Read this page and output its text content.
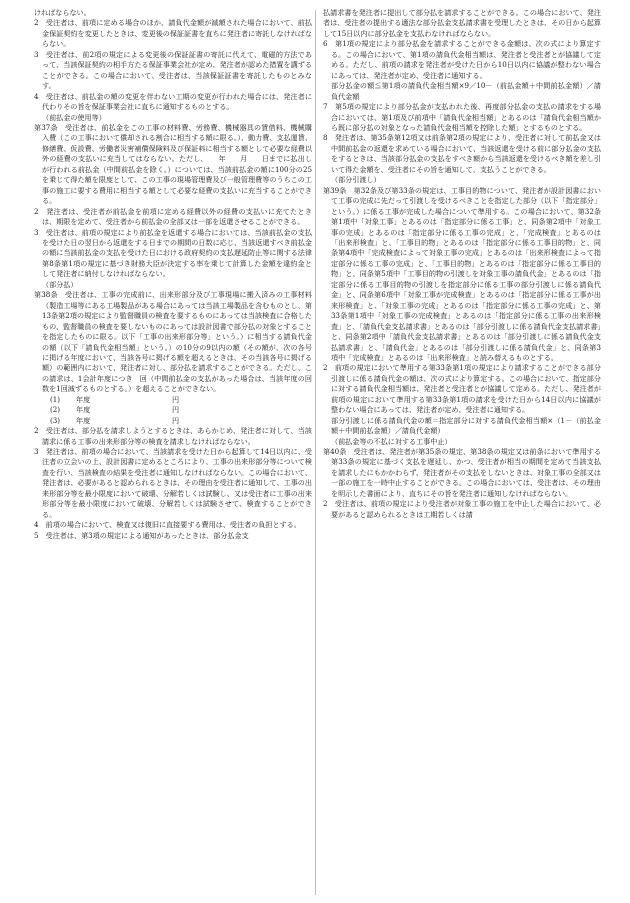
ければならない。

2　受注者は、前項に定める場合のほか、請負代金額が減額された場合において、前払金保証契約を変更したときは、変更後の保証証書を直ちに発注者に寄託しなければならない。

3　受注者は、前2項の規定による変更後の保証証書の寄託に代えて、電磁的方法であって、当該保証契約の相手方たる保証事業会社が定め、発注者が認めた措置を講ずることができる。この場合において、受注者は、当該保証証書を寄託したものとみなす。

4　受注者は、前払金の額の変更を伴わない工期の変更が行われた場合には、発注者に代わりその旨を保証事業会社に直ちに通知するものとする。

（前払金の使用等）

第37条　受注者は、前払金をこの工事の材料費、労務費、機械器具の賃借料、機械購入費（この工事において償却される割合に相当する額に限る。）、動力費、支払運賃、修繕費、仮設費、労働者災害補償保険料及び保証料に相当する額として必要な経費以外の経費の支払いに充当してはならない。ただし、　　年　　月　　日までに払出しが行われる前払金（中間前払金を除く。）については、当該前払金の額に100分の25を乗じて得た額を限度として、この工事の現場管理費及び一般管理費等のうちこの工事の施工に要する費用に相当する額として必要な経費の支払いに充当することができる。

2　発注者は、受注者が前払金を前項に定める経費以外の経費の支払いに充てたときは、期限を定めて、受注者から前払金の全部又は一部を返還させることができる。

3　受注者は、前項の規定により前払金を返還する場合においては、当該前払金の支払を受けた日の翌日から返還をする日までの期間の日数に応じ、当該返還すべき前払金の額に当該前払金の支払を受けた日における政府契約の支払遅延防止等に関する法律第8条第1項の規定に基づき財務大臣が決定する率を乗じて計算した金額を違約金として発注者に納付しなければならない。

（部分払）

第38条　受注者は、工事の完成前に、出来形部分及び工事現場に搬入済みの工事材料（製造工場等にある工場製品がある場合にあっては当該工場製品を含むものとし、第13条第2項の規定により監督職員の検査を要するものにあっては当該検査に合格したもの、監督職員の検査を要しないものにあっては設計図書で部分払の対象とすることを指定したものに限る。以下「工事の出来形部分等」という。）に相当する請負代金の額（以下「請負代金相当額」という。）の10分の9以内の額（その額が、次の各号に掲げる年度において、当該各号に掲げる額を超えるときは、その当該各号に掲げる額）の範囲内において、発注者に対し、部分払を請求することができる。ただし、この請求は、1会計年度につき　回（中間前払金の支払があった場合は、当該年度の回数を1回減ずるものとする。）を超えることができない。

(1)	年度	円
(2)	年度	円
(3)	年度	円

2　受注者は、部分払を請求しようとするときは、あらかじめ、発注者に対して、当該請求に係る工事の出来形部分等の検査を請求しなければならない。

3　発注者は、前項の場合において、当該請求を受けた日から起算して14日以内に、受注者の立会いの上、設計図書に定めるところにより、工事の出来形部分等について検査を行い、当該検査の結果を受注者に通知しなければならない。この場合において、発注者は、必要があると認められるときは、その理由を受注者に通知して、工事の出来形部分等を最小限度において破壊、分解若しくは試験し、又は受注者に工事の出来形部分等を最小限度において破壊、分解若しくは試験させて、検査することができる。

4　前項の場合において、検査又は復旧に直接要する費用は、受注者の負担とする。

5　受注者は、第3項の規定による通知があったときは、部分払金支

払請求書を発注者に提出して部分払を請求することができる。この場合において、発注者は、受注者の提出する適法な部分払金支払請求書を受理したときは、その日から起算して15日以内に部分払金を支払わなければならない。

6　第1項の規定により部分払金を請求することができる金額は、次の式により算定する。この場合において、第1項の請負代金相当額は、発注者と受注者とが協議して定める。ただし、前項の請求を発注者が受けた日から10日以内に協議が整わない場合にあっては、発注者が定め、受注者に通知する。

部分払金の額≦第1項の請負代金相当額×9／10－（前払金額＋中間前払金額）／請負代金額

7　第5項の規定により部分払金が支払われた後、再度部分払金の支払の請求をする場合においては、第1項及び前項中「請負代金相当額」とあるのは「請負代金相当額から既に部分払の対象となった請負代金相当額を控除した額」とするものとする。

8　発注者は、第35条第12項又は前条第2項の規定により、受注者に対して前払金又は中間前払金の返還を求めている場合において、当該返還を受ける前に部分払金の支払をするときは、当該部分払金の支払をすべき額から当該返還を受けるべき額を差し引いて得た金額を、受注者にその旨を通知して、支払うことができる。

（部分引渡し）

第39条　第32条及び第33条の規定は、工事目的物について、発注者が設計図書において工事の完成に先だって引渡しを受けるべきことを指定した部分（以下「指定部分」という。）に係る工事が完成した場合について準用する。この場合において、第32条第1項中「対象工事」とあるのは「指定部分に係る工事」と、同条第2項中「対象工事の完成」とあるのは「指定部分に係る工事の完成」と、「完成検査」とあるのは「出来形検査」と、「工事目的物」とあるのは「指定部分に係る工事目的物」と、同条第4項中「完成検査によって対象工事の完成」とあるのは「出来形検査によって指定部分に係る工事の完成」と、「工事目的物」とあるのは「指定部分に係る工事目的物」と、同条第5項中「工事目的物の引渡しを対象工事の請負代金」とあるのは「指定部分に係る工事目的物の引渡しを指定部分に係る工事の部分引渡しに係る請負代金」と、同条第6項中「対象工事が完成検査」とあるのは「指定部分に係る工事が出来形検査」と、「対象工事の完成」とあるのは「指定部分に係る工事の完成」と、第33条第1項中「対象工事の完成検査」とあるのは「指定部分に係る工事の出来形検査」と、「請負代金支払請求書」とあるのは「部分引渡しに係る請負代金支払請求書」と、同条第2項中「請負代金支払請求書」とあるのは「部分引渡しに係る請負代金支払請求書」と、「請負代金」とあるのは「部分引渡しに係る請負代金」と、同条第3項中「完成検査」とあるのは「出来形検査」と読み替えるものとする。

2　前項の規定において準用する第33条第1項の規定により請求することができる部分引渡しに係る請負代金の額は、次の式により算定する。この場合において、指定部分に対する請負代金相当額は、発注者と受注者とが協議して定める。ただし、発注者が前項の規定において準用する第33条第1項の請求を受けた日から14日以内に協議が整わない場合にあっては、発注者が定め、受注者に通知する。

部分引渡しに係る請負代金の額＝指定部分に対する請負代金相当額×（1－（前払金額＋中間前払金額）／請負代金額）

（前払金等の不払に対する工事中止）

第40条　受注者は、発注者が第35条の規定、第38条の規定又は前条において準用する第33条の規定に基づく支払を遅延し、かつ、受注者が相当の期間を定めて当該支払を請求したにもかかわらず、発注者がその支払をしないときは、対象工事の全部又は一部の施工を一時中止することができる。この場合においては、受注者は、その理由を明示した書面により、直ちにその旨を発注者に通知しなければならない。

2　受注者は、前項の規定により受注者が対象工事の施工を中止した場合において、必要があると認められるときは工期若しくは請
